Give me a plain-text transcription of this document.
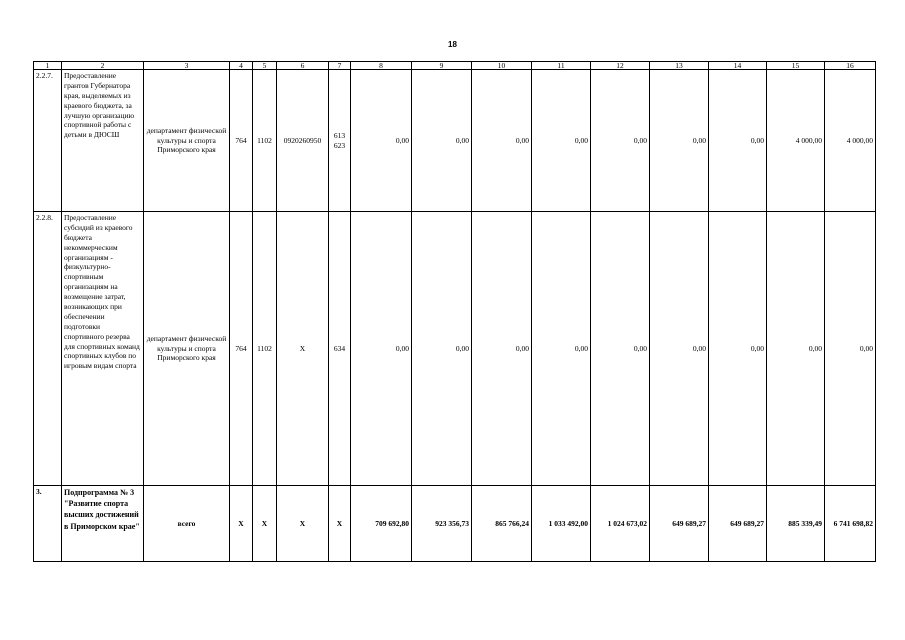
18
1	2	3	4	5	6	7	8	9	10	11	12	13	14	15	16
2.2.7.	Предоставление грантов Губернатора края, выделяемых из краевого бюджета, за лучшую организацию спортивной работы с детьми в ДЮСШ	департамент физической культуры и спорта Приморского края	764	1102	0920260950	613 623	0,00	0,00	0,00	0,00	0,00	0,00	0,00	4 000,00	4 000,00
2.2.8.	Предоставление субсидий из краевого бюджета некоммерческим организациям - физкультурно-спортивным организациям на возмещение затрат, возникающих при обеспечении подготовки спортивного резерва для спортивных команд спортивных клубов по игровым видам спорта	департамент физической культуры и спорта Приморского края	764	1102	X	634	0,00	0,00	0,00	0,00	0,00	0,00	0,00	0,00	0,00
3.	Подпрограмма № 3 "Развитие спорта высших достижений в Приморском крае"	всего	X	X	X	X	709 692,80	923 356,73	865 766,24	1 033 492,00	1 024 673,02	649 689,27	649 689,27	885 339,49	6 741 698,82
